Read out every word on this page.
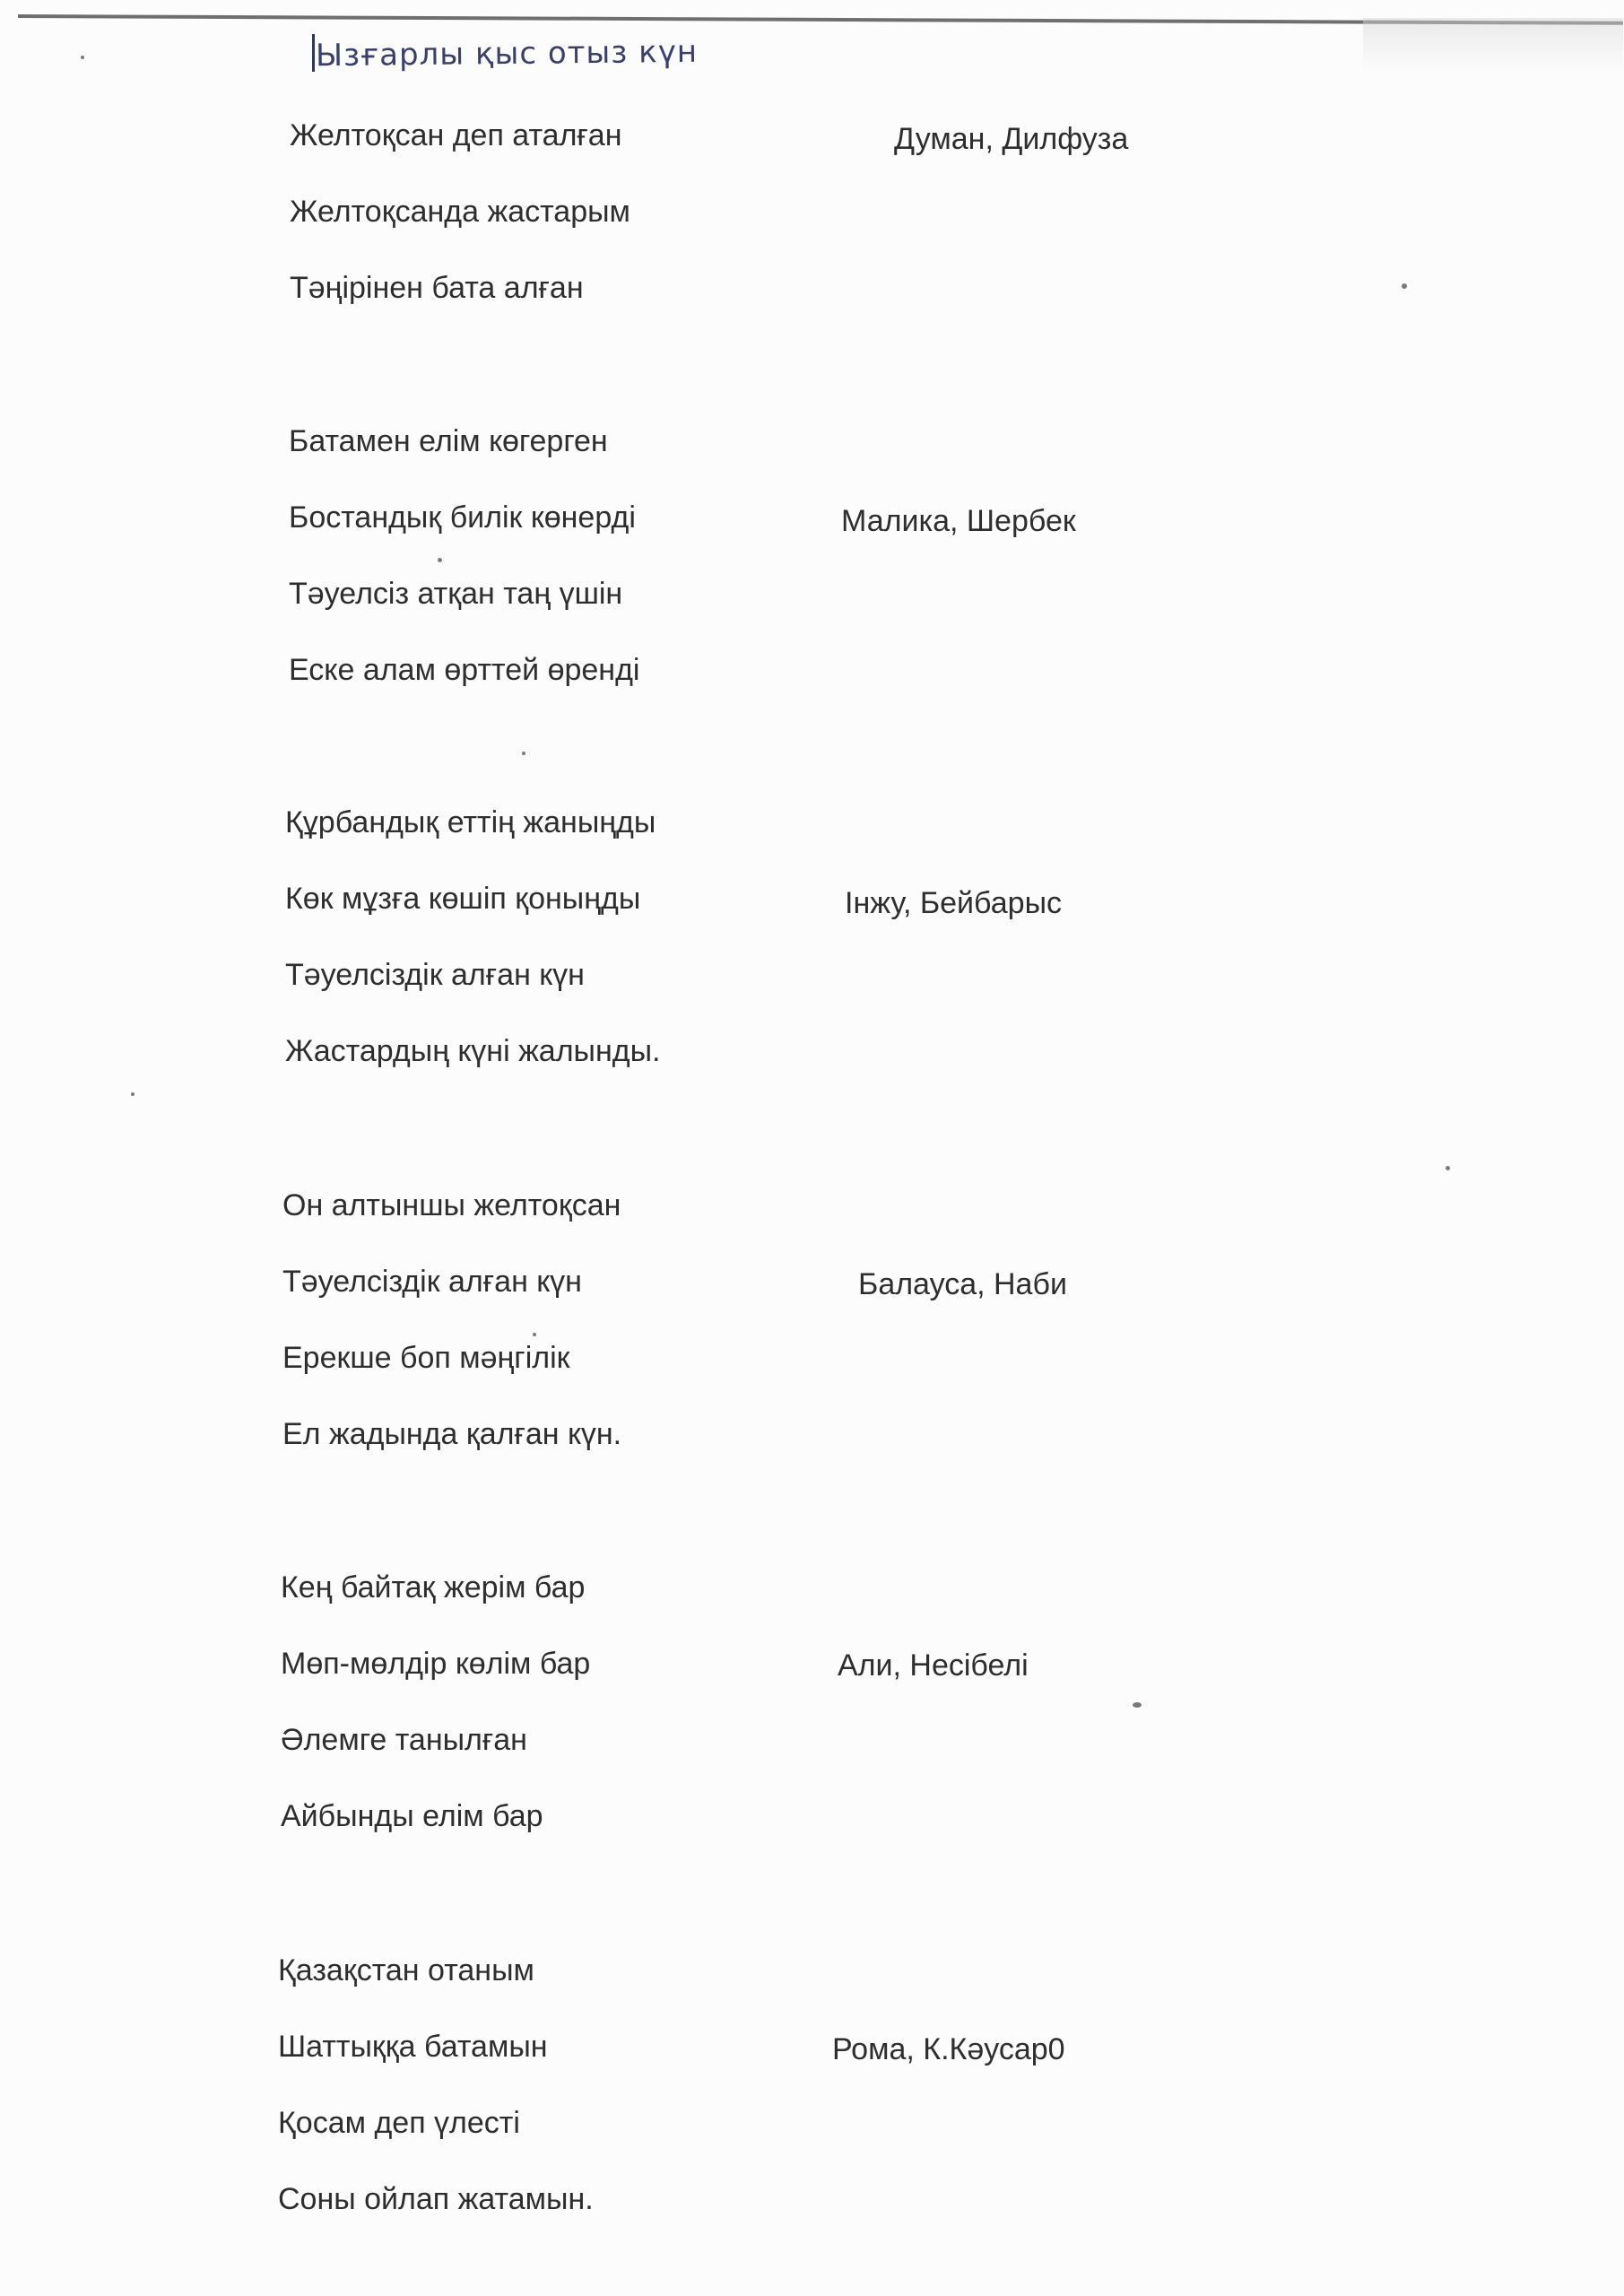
Ызғарлы қыс отыз күн
Желтоқсан деп аталған
Желтоқсанда жастарым
Тәңірінен бата алған
Думан, Дилфуза
Батамен елім көгерген
Бостандық билік көнерді
Тәуелсіз атқан таң үшін
Еске алам өрттей өренді
Малика, Шербек
Құрбандық еттің жаныңды
Көк мұзға көшіп қоныңды
Тәуелсіздік алған күн
Жастардың күні жалынды.
Інжу, Бейбарыс
Он алтыншы желтоқсан
Тәуелсіздік алған күн
Ерекше боп мәңгілік
Ел жадында қалған күн.
Балауса, Наби
Кең байтақ жерім бар
Мөп-мөлдір көлім бар
Әлемге танылған
Айбынды елім бар
Али, Несібелі
Қазақстан отаным
Шаттыққа батамын
Қосам деп үлесті
Соны ойлап жатамын.
Рома, К.Кәусар0
